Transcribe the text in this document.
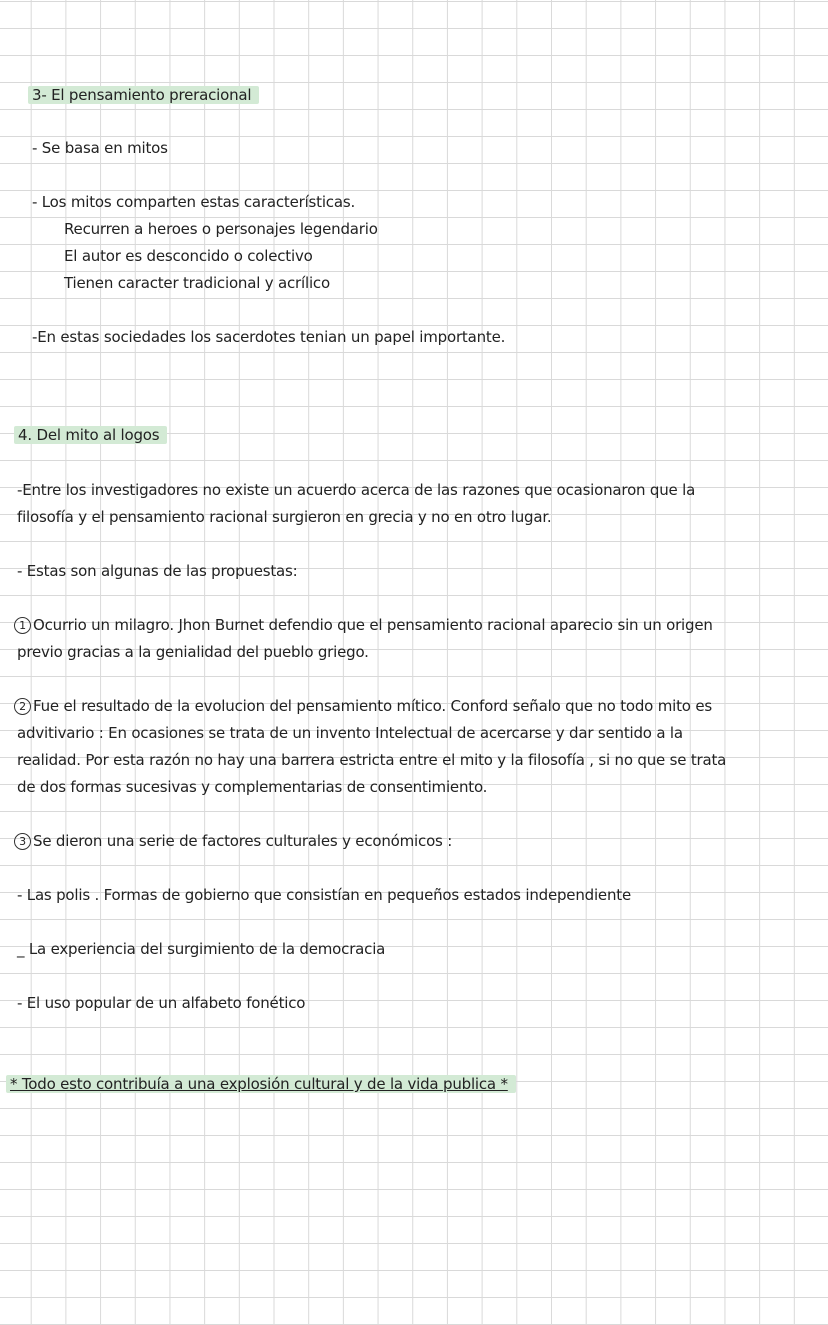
3- El pensamiento preracional
- Se basa en mitos
- Los mitos comparten estas características.
Recurren a heroes o personajes legendario
El autor es desconcido o colectivo
Tienen caracter tradicional y acrílico
-En estas sociedades los sacerdotes tenian un papel importante.
4. Del mito al logos
-Entre los investigadores no existe un acuerdo acerca de las razones que ocasionaron que la
filosofía y el pensamiento racional surgieron en grecia y no en otro lugar.
- Estas son algunas de las propuestas:
1 Ocurrio un milagro. Jhon Burnet defendio que el pensamiento racional aparecio sin un origen
previo gracias a la genialidad del pueblo griego.
2 Fue el resultado de la evolucion del pensamiento mítico. Conford señalo que no todo mito es
advitivario : En ocasiones se trata de un invento Intelectual de acercarse y dar sentido a la
realidad. Por esta razón no hay una barrera estricta entre el mito y la filosofía , si no que se trata
de dos formas sucesivas y complementarias de consentimiento.
3 Se dieron una serie de factores culturales y económicos :
- Las polis . Formas de gobierno que consistían en pequeños estados independiente
_ La experiencia del surgimiento de la democracia
- El uso popular de un alfabeto fonético
* Todo esto contribuía a una explosión cultural y de la vida publica *
